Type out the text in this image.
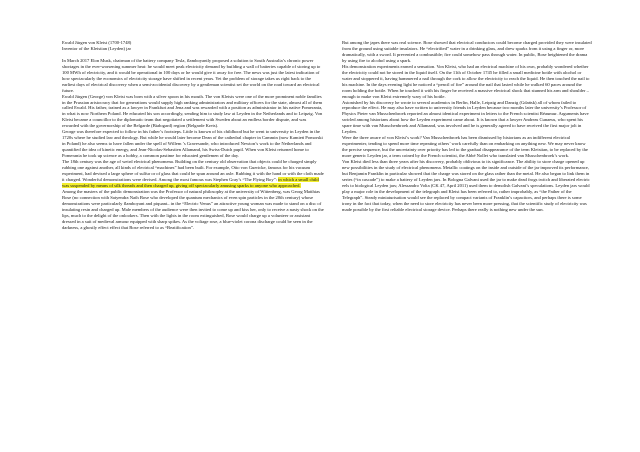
Ewald Jürgen von Kleist (1700-1748)

Inventor of the Kleistian (Leyden) jar

In March 2017 Elon Musk, chairman of the battery company Tesla, flamboyantly proposed a solution to South Australia’s chronic power shortages in the ever-worsening summer heat: he would meet peak electricity demand by building a wall of batteries capable of storing up to 100 MWh of electricity, and it would be operational in 100 days or he would give it away for free. The news was just the latest indication of how spectacularly the economics of electricity storage have shifted in recent years. Yet the problem of storage takes us right back to the earliest days of electrical discovery when a semi-accidental discovery by a gentleman scientist set the world on the road toward an electrical future.

Ewald Jürgen (George) von Kleist was born with a silver spoon in his mouth. The von Kleists were one of the more prominent noble families in the Prussian aristocracy that for generations would supply high ranking administrators and military officers for the state, almost all of them called Ewald. His father, trained as a lawyer in Frankfurt and Jena and was rewarded with a position as administrator in his native Pomerania, in what is now Northern Poland. He educated his son accordingly, sending him to study law at Leyden in the Netherlands and to Leipzig. Von Kleist became a councillor to the diplomatic team that negotiated a settlement with Sweden about an endless border dispute, and was rewarded with the governorship of the Belgarde (Białogard) region (Belgarde Kreis).

George was therefore expected to follow in his father’s footsteps. Little is known of his childhood but he went to university in Leyden in the 1720s where he studied law and theology. But while he would later become Dean of the cathedral chapter in Cammin (now Kamień Pomorski in Poland) he also seems to have fallen under the spell of Willem ’s Gravesande, who introduced Newton’s work to the Netherlands and quantified the idea of kinetic energy, and Jean-Nicolas-Sebastien Allamand, his Swiss-Dutch pupil. When von Kleist returned home to Pomerania he took up science as a hobby, a common pastime for educated gentlemen of the day.

The 18th century was the age of weird electrical phenomena. Building on the century old observation that objects could be charged simply rubbing one against another, all kinds of electrical “machines” had been built. For example, Otto von Guericke, famous for his vacuum experiment, had devised a large sphere of sulfur or of glass that could be spun around an axle. Rubbing it with the hand or with the cloth made it charged. Wonderful demonstrations were devised. Among the most famous was Stephen Gray’s “The Flying Boy”: in which a small child was suspended by means of silk threads and then charged up, giving off spectacularly amusing sparks to anyone who approached.

Among the masters of the public demonstration was the Professor of natural philosophy at the university of Wittenberg, was Georg Matthias Bose (no connection with Satyendra Nath Bose who developed the quantum mechanics of even spin particles in the 20th century) whose demonstrations were particularly flamboyant and piquant– in the “Electric Venus” an attractive young woman was made to stand on a disc of insulating resin and charged up. Male members of the audience were then invited to come up and kiss her, only to receive a nasty shock on the lips, much to the delight of the onlookers. Then with the lights in the room extinguished, Bose would charge up a volunteer or assistant dressed in a suit of medieval armour equipped with sharp spikes. As the voltage rose, a blue-violet corona discharge could be seen in the darkness, a ghostly effect effect that Bose referred to as “Beatification”.

But among the japes there was real science. Bose showed that electrical conductors could become charged provided they were insulated from the ground using suitable insulators. He “electrified” water in a drinking glass, and drew sparks from it using a finger or, more dramatically, with a sword. It prevented a combustible; fire could somehow pass through water. In public, Bose heightened the drama by using fire to alcohol using a spark.

His demonstration experiments earned a sensation. Von Kleist, who had an electrical machine of his own, probably wondered whether the electricity could not be stored in the liquid itself. On the 11th of October 1745 he filled a small medicine bottle with alcohol or water and stoppered it, having hammered a nail through the cork to allow the electricity to reach the liquid. He then touched the nail to his machine. In the days evening light he noticed a “pencil of fire” around the nail that lasted while he walked 60 paces around the room holding the bottle. When he touched it with his finger he received a massive electrical shock that stunned his arm and shoulder – enough to make von Kleist extremely wary of his bottle.

Astonished by his discovery he wrote to several academics in Berlin, Halle, Leipzig and Danzig (Gdańsk) all of whom failed to reproduce the effect. He may also have written to university friends in Leyden because two months later the university’s Professor of Physics Pieter van Musschenbroek reported an almost identical experiment in letters to the French scientist Réaumur. Arguments have swirled among historians about how the Leyden experiment came about. It is known that a lawyer Andreas Cunaeus, who spent his spare time with van Musschenbroek and Allamand, was involved and he is generally agreed to have received the first major jolt in Leyden.

Were the three aware of von Kleist’s work? Van Musschenbroek has been dismissed by historians as an indifferent electrical experimenter, tending to spend more time repeating others’ work carefully than on embarking on anything new. We may never know the precise sequence, but the uncertainty over priority has led to the gradual disappearance of the term Kleistian, to be replaced by the more generic Leyden jar, a term coined by the French scientist, the Abbé Nollet who translated van Musschenbroek’s work.

Von Kleist died less than three years after his discovery, probably oblivious to its significance. The ability to store charge opened up new possibilities in the study of electrical phenomena. Metallic coatings on the inside and outside of the jar improved its performance, but Benjamin Franklin in particular showed that the charge was stored on the glass rather than the metal. He also began to link them in series (“in cascade”) to make a battery of Leyden jars. In Bologna Galvani used the jar to make dead frogs twitch and liberated electric eels to biological Leyden jars; Alessandro Volta (CK 47, April 2011) used them to demolish Galvani’s speculations. Leyden jars would play a major role in the development of the telegraph and Kleist has been referred to, rather improbably, as “the Father of the Telegraph”. Steady miniaturisation would see the replaced by compact variants of Franklin’s capacitors, and perhaps there is some irony in the fact that today, when the need to store electricity has never been more pressing, that the scientific study of electricity was made possible by the first reliable electrical storage device. Perhaps there really is nothing new under the sun.
